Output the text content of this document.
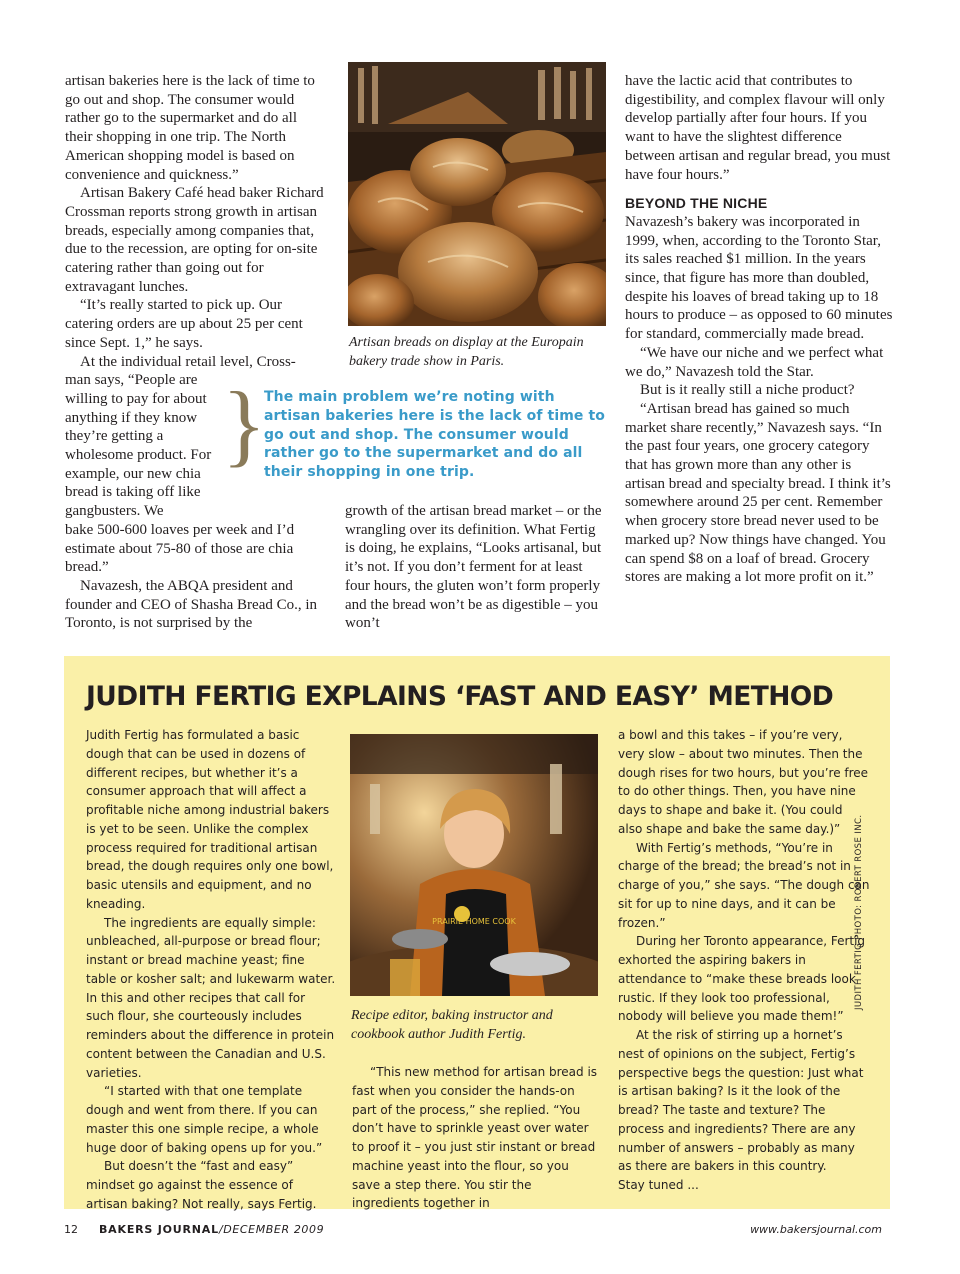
artisan bakeries here is the lack of time to go out and shop. The consumer would rather go to the supermarket and do all their shopping in one trip. The North American shopping model is based on convenience and quickness.”

Artisan Bakery Café head baker Richard Crossman reports strong growth in artisan breads, especially among companies that, due to the recession, are opting for on-site catering rather than going out for extravagant lunches.

“It’s really started to pick up. Our catering orders are up about 25 per cent since Sept. 1,” he says.

At the individual retail level, Cross-

man says, “People are willing to pay for about anything if they know they’re getting a wholesome product. For example, our new chia bread is taking off like gangbusters. We

bake 500-600 loaves per week and I’d estimate about 75-80 of those are chia bread.”

Navazesh, the ABQA president and founder and CEO of Shasha Bread Co., in Toronto, is not surprised by the

Artisan breads on display at the Europain bakery trade show in Paris.
}
The main problem we’re noting with artisan bakeries here is the lack of time to go out and shop. The consumer would rather go to the supermarket and do all their shopping in one trip.

growth of the artisan bread market – or the wrangling over its definition. What Fertig is doing, he explains, “Looks artisanal, but it’s not. If you don’t ferment for at least four hours, the gluten won’t form properly and the bread won’t be as digestible – you won’t

have the lactic acid that contributes to digestibility, and complex flavour will only develop partially after four hours. If you want to have the slightest difference between artisan and regular bread, you must have four hours.”

BEYOND THE NICHE

Navazesh’s bakery was incorporated in 1999, when, according to the Toronto Star, its sales reached $1 million. In the years since, that figure has more than doubled, despite his loaves of bread taking up to 18 hours to produce – as opposed to 60 minutes for standard, commercially made bread.

“We have our niche and we perfect what we do,” Navazesh told the Star.

But is it really still a niche product?

“Artisan bread has gained so much market share recently,” Navazesh says. “In the past four years, one grocery category that has grown more than any other is artisan bread and specialty bread. I think it’s somewhere around 25 per cent. Remember when grocery store bread never used to be marked up? Now things have changed. You can spend $8 on a loaf of bread. Grocery stores are making a lot more profit on it.”

JUDITH FERTIG EXPLAINS ‘FAST AND EASY’ METHOD

Judith Fertig has formulated a basic dough that can be used in dozens of different recipes, but whether it’s a consumer approach that will affect a profitable niche among industrial bakers is yet to be seen. Unlike the complex process required for traditional artisan bread, the dough requires only one bowl, basic utensils and equipment, and no kneading.

The ingredients are equally simple: unbleached, all-purpose or bread flour; instant or bread machine yeast; fine table or kosher salt; and lukewarm water. In this and other recipes that call for such flour, she courteously includes reminders about the difference in protein content between the Canadian and U.S. varieties.

“I started with that one template dough and went from there. If you can master this one simple recipe, a whole huge door of baking opens up for you.”

But doesn’t the “fast and easy” mindset go against the essence of artisan baking? Not really, says Fertig.

PRAIRIE HOME COOK
Recipe editor, baking instructor and cookbook author Judith Fertig.

“This new method for artisan bread is fast when you consider the hands-on part of the process,” she replied. “You don’t have to sprinkle yeast over water to proof it – you just stir instant or bread machine yeast into the flour, so you save a step there. You stir the ingredients together in

a bowl and this takes – if you’re very, very slow – about two minutes. Then the dough rises for two hours, but you’re free to do other things. Then, you have nine days to shape and bake it. (You could also shape and bake the same day.)”

With Fertig’s methods, “You’re in charge of the bread; the bread’s not in charge of you,” she says. “The dough can sit for up to nine days, and it can be frozen.”

During her Toronto appearance, Fertig exhorted the aspiring bakers in attendance to “make these breads look rustic. If they look too professional, nobody will believe you made them!”

At the risk of stirring up a hornet’s nest of opinions on the subject, Fertig’s perspective begs the question: Just what is artisan baking? Is it the look of the bread? The taste and texture? The process and ingredients? There are any number of answers – probably as many as there are bakers in this country.

Stay tuned ...

JUDITH FERTIG PHOTO: ROBERT ROSE INC.
12 BAKERS JOURNAL/DECEMBER 2009	www.bakersjournal.com
